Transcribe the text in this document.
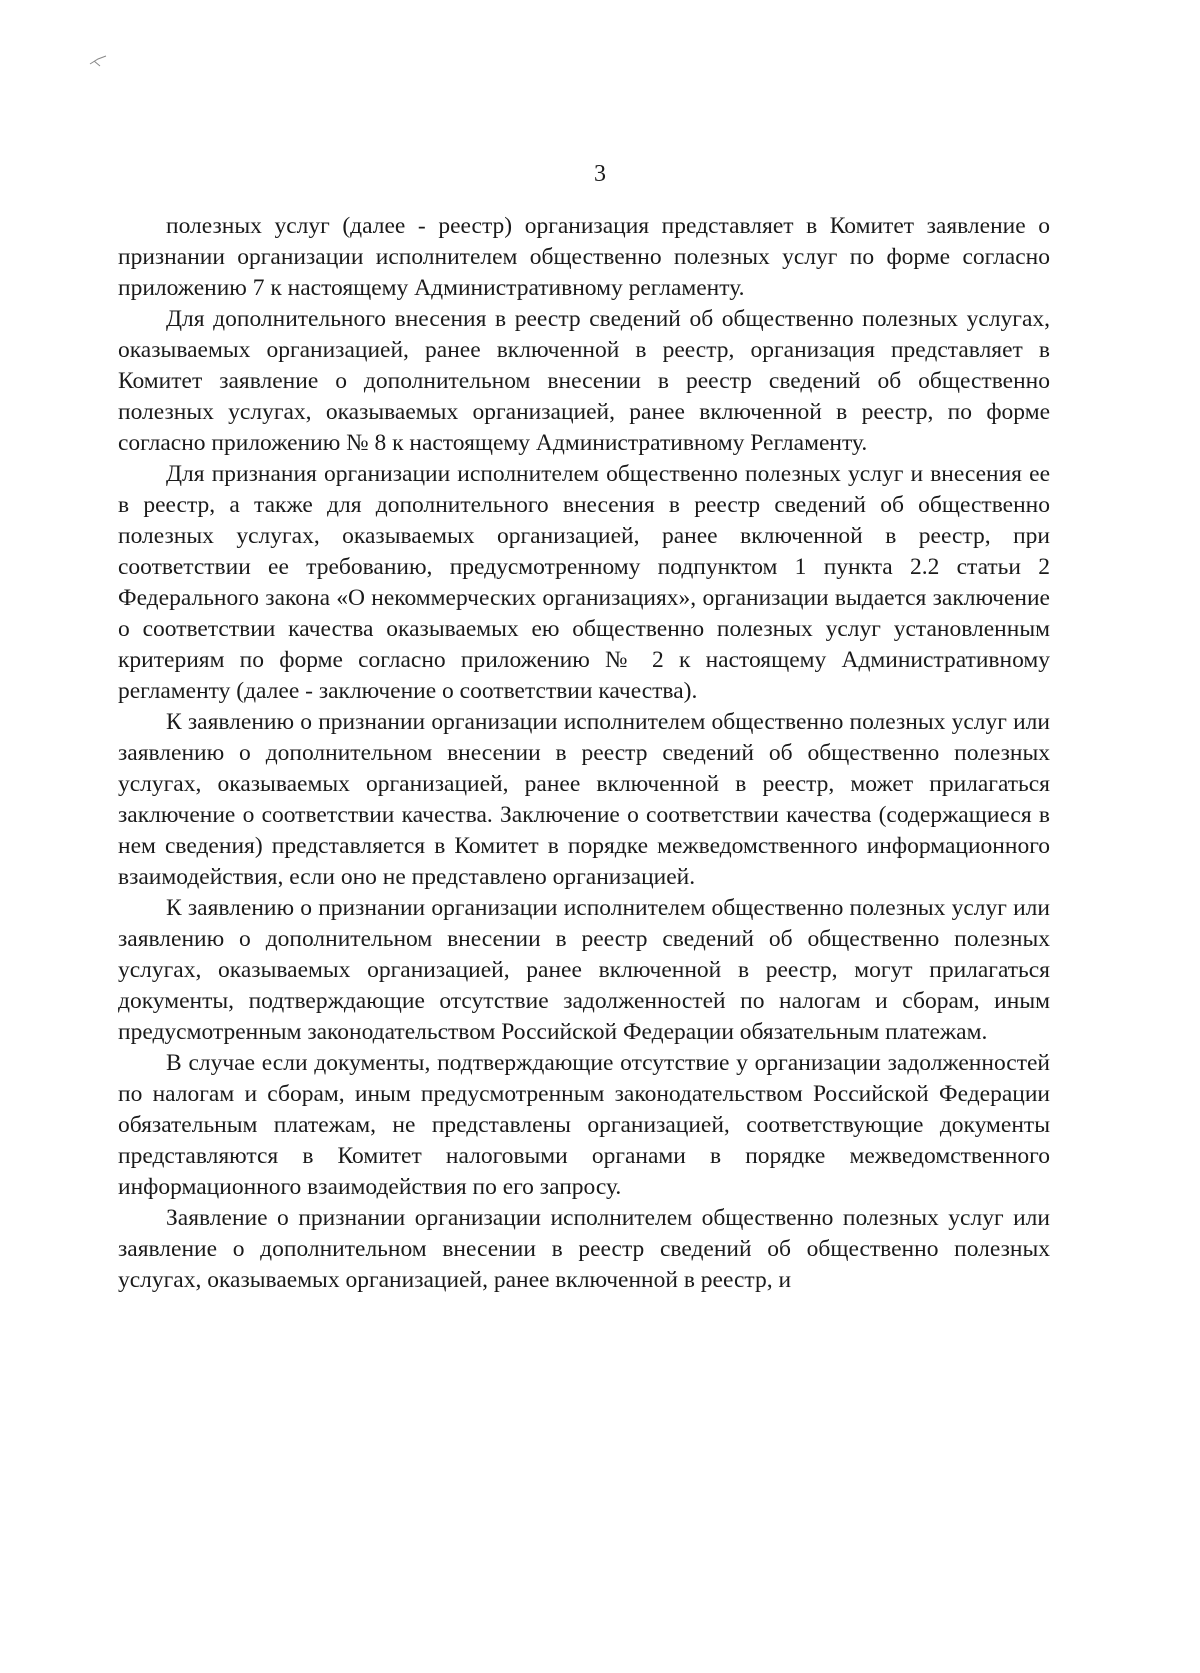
3

полезных услуг (далее - реестр) организация представляет в Комитет заявление о признании организации исполнителем общественно полезных услуг по форме согласно приложению 7 к настоящему Административному регламенту.

Для дополнительного внесения в реестр сведений об общественно полезных услугах, оказываемых организацией, ранее включенной в реестр, организация представляет в Комитет заявление о дополнительном внесении в реестр сведений об общественно полезных услугах, оказываемых организацией, ранее включенной в реестр, по форме согласно приложению № 8 к настоящему Административному Регламенту.

Для признания организации исполнителем общественно полезных услуг и внесения ее в реестр, а также для дополнительного внесения в реестр сведений об общественно полезных услугах, оказываемых организацией, ранее включенной в реестр, при соответствии ее требованию, предусмотренному подпунктом 1 пункта 2.2 статьи 2 Федерального закона «О некоммерческих организациях», организации выдается заключение о соответствии качества оказываемых ею общественно полезных услуг установленным критериям по форме согласно приложению № 2 к настоящему Административному регламенту (далее - заключение о соответствии качества).

К заявлению о признании организации исполнителем общественно полезных услуг или заявлению о дополнительном внесении в реестр сведений об общественно полезных услугах, оказываемых организацией, ранее включенной в реестр, может прилагаться заключение о соответствии качества. Заключение о соответствии качества (содержащиеся в нем сведения) представляется в Комитет в порядке межведомственного информационного взаимодействия, если оно не представлено организацией.

К заявлению о признании организации исполнителем общественно полезных услуг или заявлению о дополнительном внесении в реестр сведений об общественно полезных услугах, оказываемых организацией, ранее включенной в реестр, могут прилагаться документы, подтверждающие отсутствие задолженностей по налогам и сборам, иным предусмотренным законодательством Российской Федерации обязательным платежам.

В случае если документы, подтверждающие отсутствие у организации задолженностей по налогам и сборам, иным предусмотренным законодательством Российской Федерации обязательным платежам, не представлены организацией, соответствующие документы представляются в Комитет налоговыми органами в порядке межведомственного информационного взаимодействия по его запросу.

Заявление о признании организации исполнителем общественно полезных услуг или заявление о дополнительном внесении в реестр сведений об общественно полезных услугах, оказываемых организацией, ранее включенной в реестр, и
